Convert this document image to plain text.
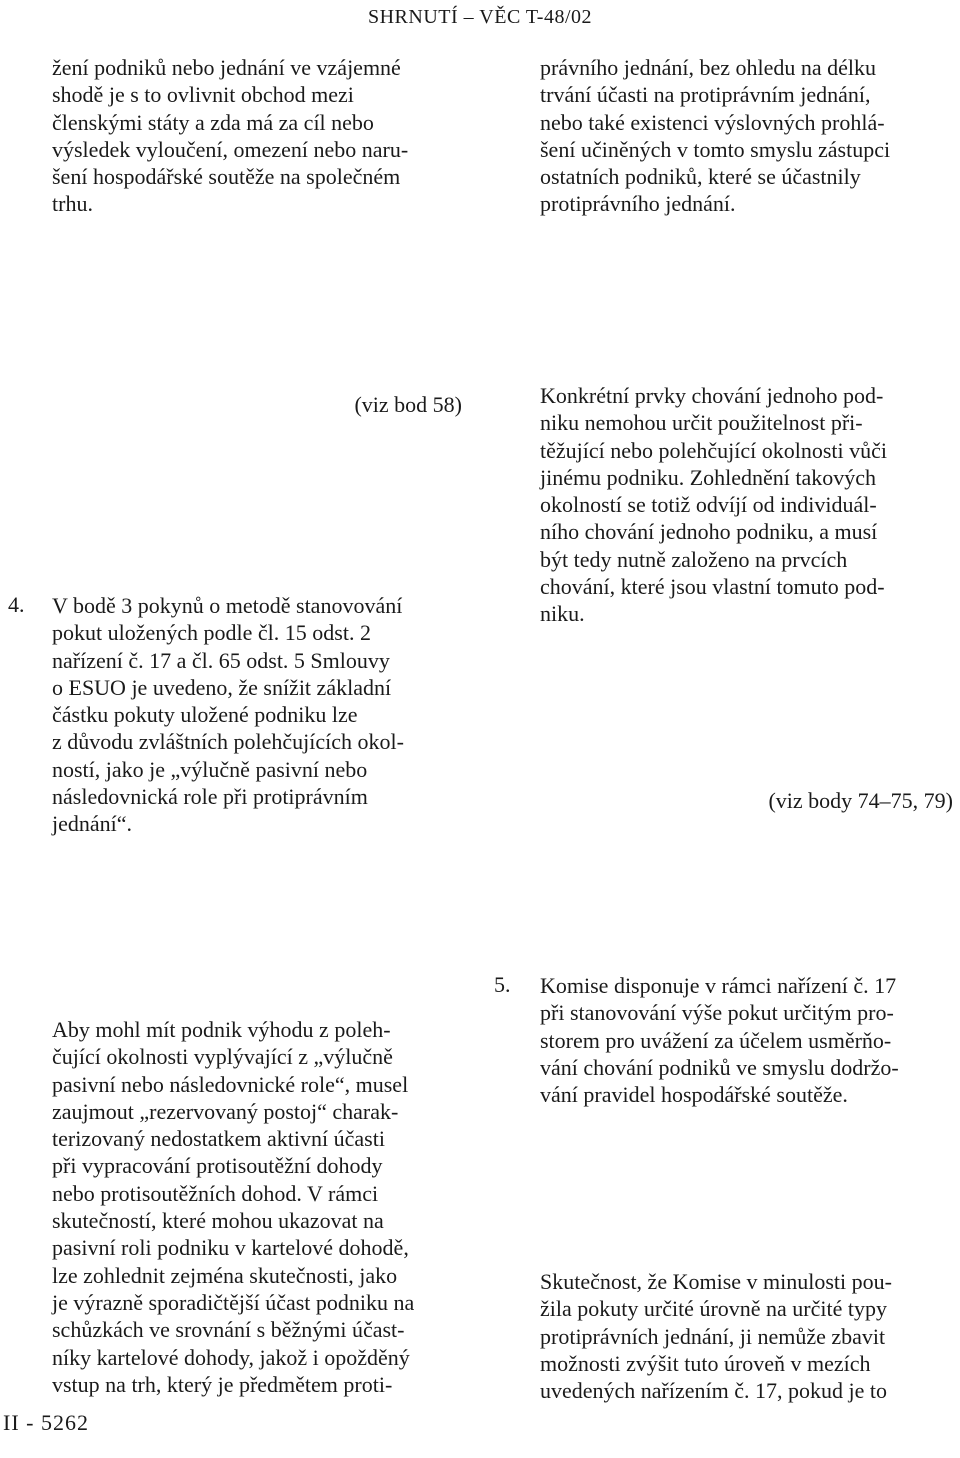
SHRNUTÍ – VĚC T-48/02
žení podniků nebo jednání ve vzájemné
shodě je s to ovlivnit obchod mezi
členskými státy a zda má za cíl nebo
výsledek vyloučení, omezení nebo naru-
šení hospodářské soutěže na společném
trhu.
právního jednání, bez ohledu na délku
trvání účasti na protiprávním jednání,
nebo také existenci výslovných prohlá-
šení učiněných v tomto smyslu zástupci
ostatních podniků, které se účastnily
protiprávního jednání.
(viz bod 58)
4. V bodě 3 pokynů o metodě stanovování
pokut uložených podle čl. 15 odst. 2
nařízení č. 17 a čl. 65 odst. 5 Smlouvy
o ESUO je uvedeno, že snížit základní
částku pokuty uložené podniku lze
z důvodu zvláštních polehčujících okol-
ností, jako je „výlučně pasivní nebo
následovnická role při protiprávním
jednání“.
Konkrétní prvky chování jednoho pod-
niku nemohou určit použitelnost při-
těžující nebo polehčující okolnosti vůči
jinému podniku. Zohlednění takových
okolností se totiž odvíjí od individuál-
ního chování jednoho podniku, a musí
být tedy nutně založeno na prvcích
chování, které jsou vlastní tomuto pod-
niku.
(viz body 74–75, 79)
Aby mohl mít podnik výhodu z poleh-
čující okolnosti vyplývající z „výlučně
pasivní nebo následovnické role“, musel
zaujmout „rezervovaný postoj“ charak-
terizovaný nedostatkem aktivní účasti
při vypracování protisoutěžní dohody
nebo protisoutěžních dohod. V rámci
skutečností, které mohou ukazovat na
pasivní roli podniku v kartelové dohodě,
lze zohlednit zejména skutečnosti, jako
je výrazně sporadičtější účast podniku na
schůzkách ve srovnání s běžnými účast-
níky kartelové dohody, jakož i opožděný
vstup na trh, který je předmětem proti-
5. Komise disponuje v rámci nařízení č. 17
při stanovování výše pokut určitým pro-
storem pro uvážení za účelem usměrňo-
vání chování podniků ve smyslu dodržo-
vání pravidel hospodářské soutěže.
Skutečnost, že Komise v minulosti pou-
žila pokuty určité úrovně na určité typy
protiprávních jednání, ji nemůže zbavit
možnosti zvýšit tuto úroveň v mezích
uvedených nařízením č. 17, pokud je to
II - 5262
